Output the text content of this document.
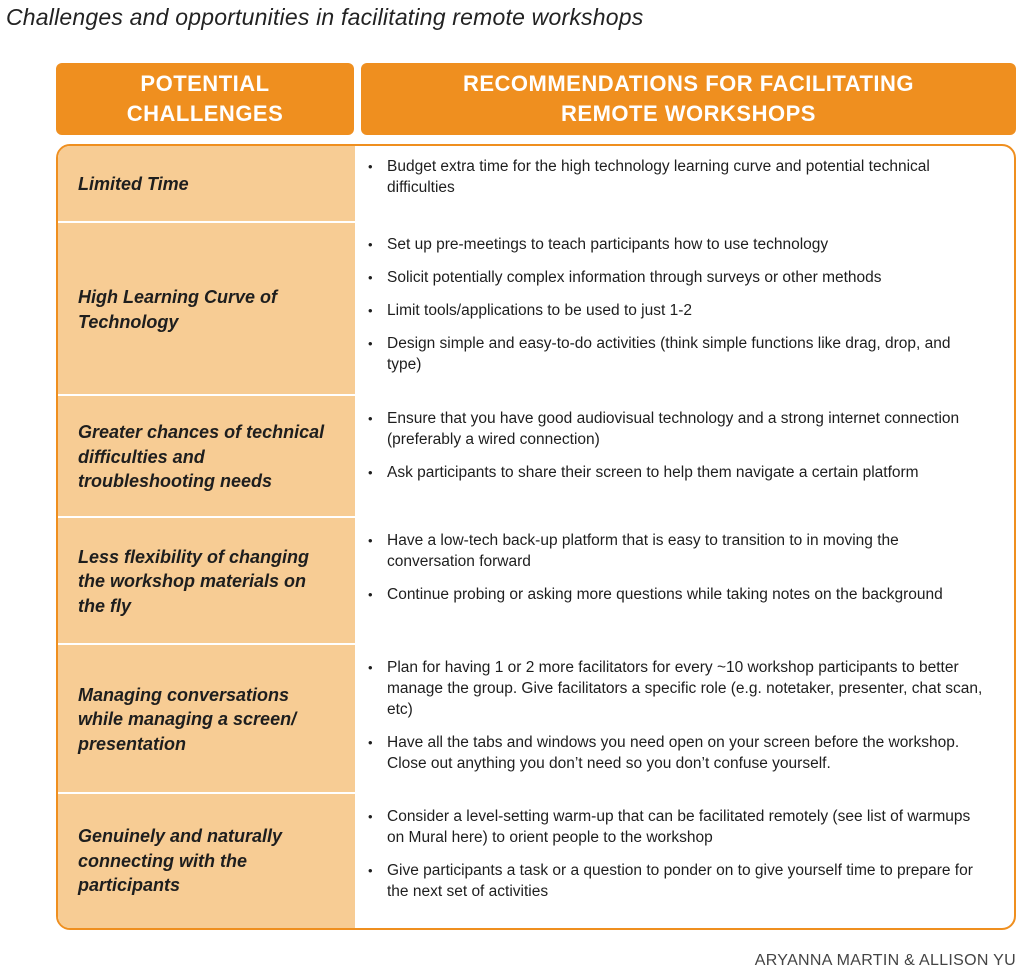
Challenges and opportunities in facilitating remote workshops
POTENTIAL
CHALLENGES
RECOMMENDATIONS FOR FACILITATING
REMOTE WORKSHOPS
Limited Time
• Budget extra time for the high technology learning curve and potential technical difficulties
High Learning Curve of Technology
• Set up pre-meetings to teach participants how to use technology
• Solicit potentially complex information through surveys or other methods
• Limit tools/applications to be used to just 1-2
• Design simple and easy-to-do activities (think simple functions like drag, drop, and type)
Greater chances of technical difficulties and troubleshooting needs
• Ensure that you have good audiovisual technology and a strong internet connection (preferably a wired connection)
• Ask participants to share their screen to help them navigate a certain platform
Less flexibility of changing the workshop materials on the fly
• Have a low-tech back-up platform that is easy to transition to in moving the conversation forward
• Continue probing or asking more questions while taking notes on the background
Managing conversations while managing a screen/ presentation
• Plan for having 1 or 2 more facilitators for every ~10 workshop participants to better manage the group. Give facilitators a specific role (e.g. notetaker, presenter, chat scan, etc)
• Have all the tabs and windows you need open on your screen before the workshop. Close out anything you don’t need so you don’t confuse yourself.
Genuinely and naturally connecting with the participants
• Consider a level-setting warm-up that can be facilitated remotely (see list of warmups on Mural here) to orient people to the workshop
• Give participants a task or a question to ponder on to give yourself time to prepare for the next set of activities
ARYANNA MARTIN & ALLISON YU
